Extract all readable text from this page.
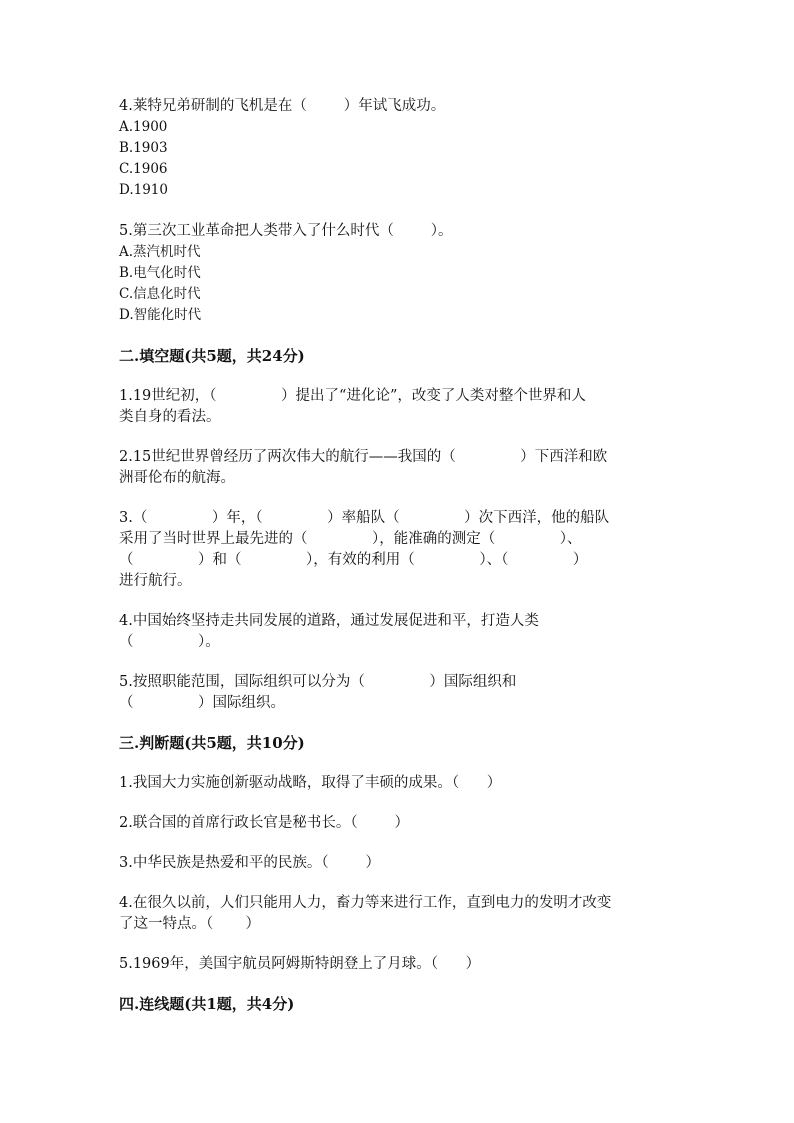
4.莱特兄弟研制的飞机是在（        ）年试飞成功。

A.1900

B.1903

C.1906

D.1910

5.第三次工业革命把人类带入了什么时代（        ）。

A.蒸汽机时代

B.电气化时代

C.信息化时代

D.智能化时代

二.填空题(共5题，共24分)

1.19世纪初，（              ）提出了“进化论”，改变了人类对整个世界和人

类自身的看法。

2.15世纪世界曾经历了两次伟大的航行——我国的（              ）下西洋和欧

洲哥伦布的航海。

3.（              ）年，（              ）率船队（              ）次下西洋，他的船队

采用了当时世界上最先进的（              ），能准确的测定（              ）、

（              ）和（              ），有效的利用（              ）、（              ）

进行航行。

4.中国始终坚持走共同发展的道路，通过发展促进和平，打造人类

（              ）。

5.按照职能范围，国际组织可以分为（              ）国际组织和

（              ）国际组织。

三.判断题(共5题，共10分)

1.我国大力实施创新驱动战略，取得了丰硕的成果。（      ）

2.联合国的首席行政长官是秘书长。（        ）

3.中华民族是热爱和平的民族。（        ）

4.在很久以前，人们只能用人力，畜力等来进行工作，直到电力的发明才改变

了这一特点。（       ）

5.1969年，美国宇航员阿姆斯特朗登上了月球。（      ）

四.连线题(共1题，共4分)
